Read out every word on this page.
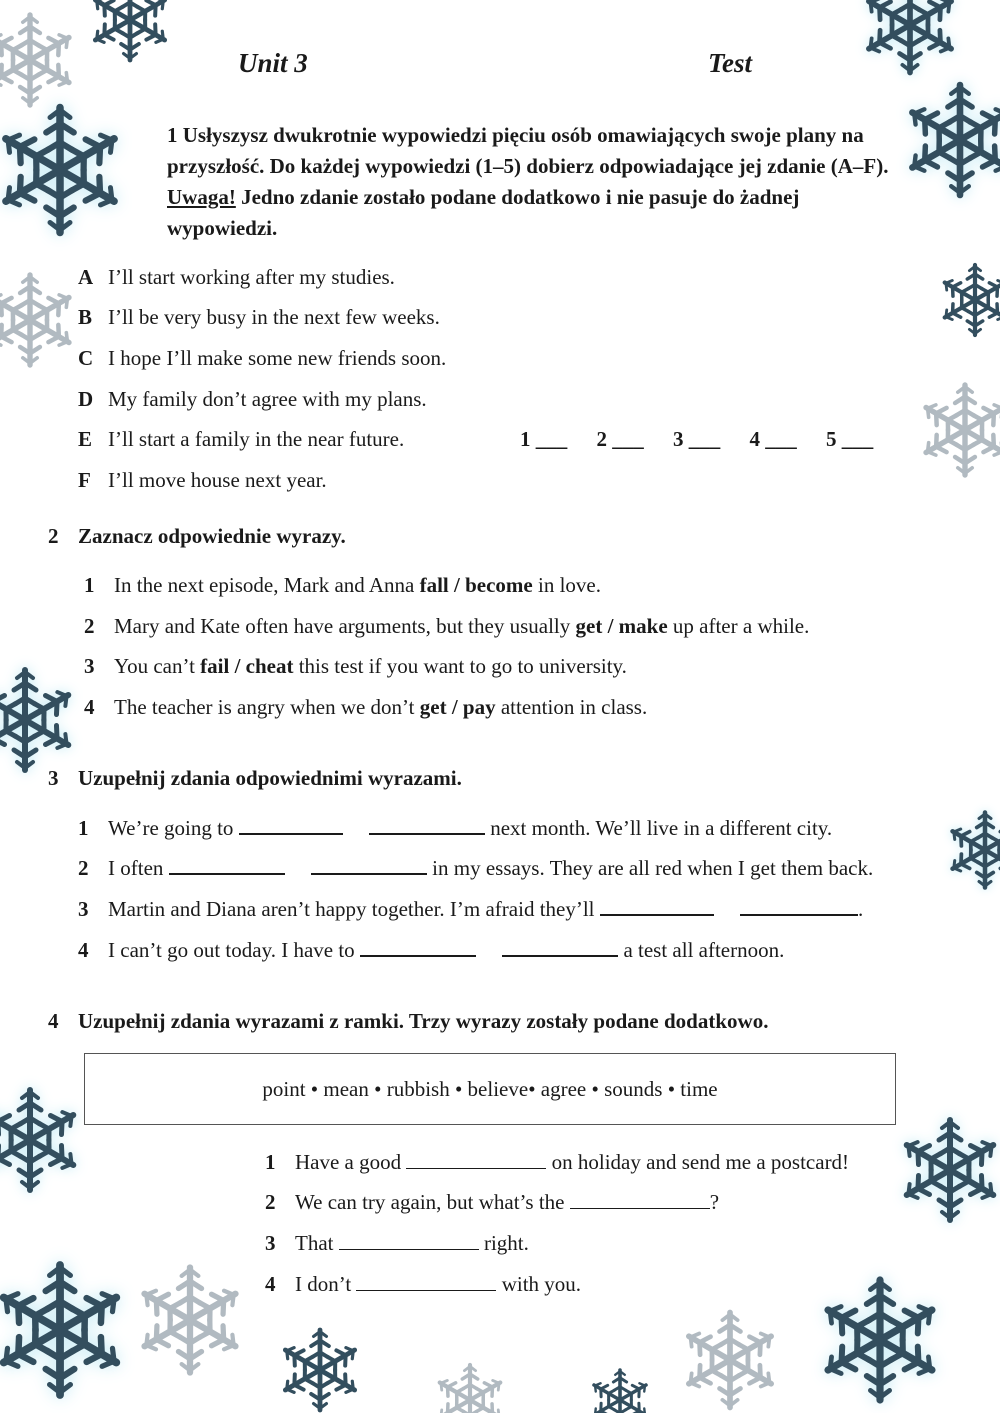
Unit 3	Test
1 Usłyszysz dwukrotnie wypowiedzi pięciu osób omawiających swoje plany na przyszłość. Do każdej wypowiedzi (1–5) dobierz odpowiadające jej zdanie (A–F). Uwaga! Jedno zdanie zostało podane dodatkowo i nie pasuje do żadnej wypowiedzi.
A I’ll start working after my studies.
B I’ll be very busy in the next few weeks.
C I hope I’ll make some new friends soon.
D My family don’t agree with my plans.
E I’ll start a family in the near future.
F I’ll move house next year.
1 ___ 2 ___ 3 ___ 4 ___ 5 ___
2 Zaznacz odpowiednie wyrazy.
1 In the next episode, Mark and Anna fall / become in love.
2 Mary and Kate often have arguments, but they usually get / make up after a while.
3 You can’t fail / cheat this test if you want to go to university.
4 The teacher is angry when we don’t get / pay attention in class.
3 Uzupełnij zdania odpowiednimi wyrazami.
1 We’re going to	next month. We’ll live in a different city.
2 I often	in my essays. They are all red when I get them back.
3 Martin and Diana aren’t happy together. I’m afraid they’ll	.
4 I can’t go out today. I have to	a test all afternoon.
4 Uzupełnij zdania wyrazami z ramki. Trzy wyrazy zostały podane dodatkowo.
point • mean • rubbish • believe• agree • sounds • time
1 Have a good	on holiday and send me a postcard!
2 We can try again, but what’s the	?
3 That	right.
4 I don’t	with you.
